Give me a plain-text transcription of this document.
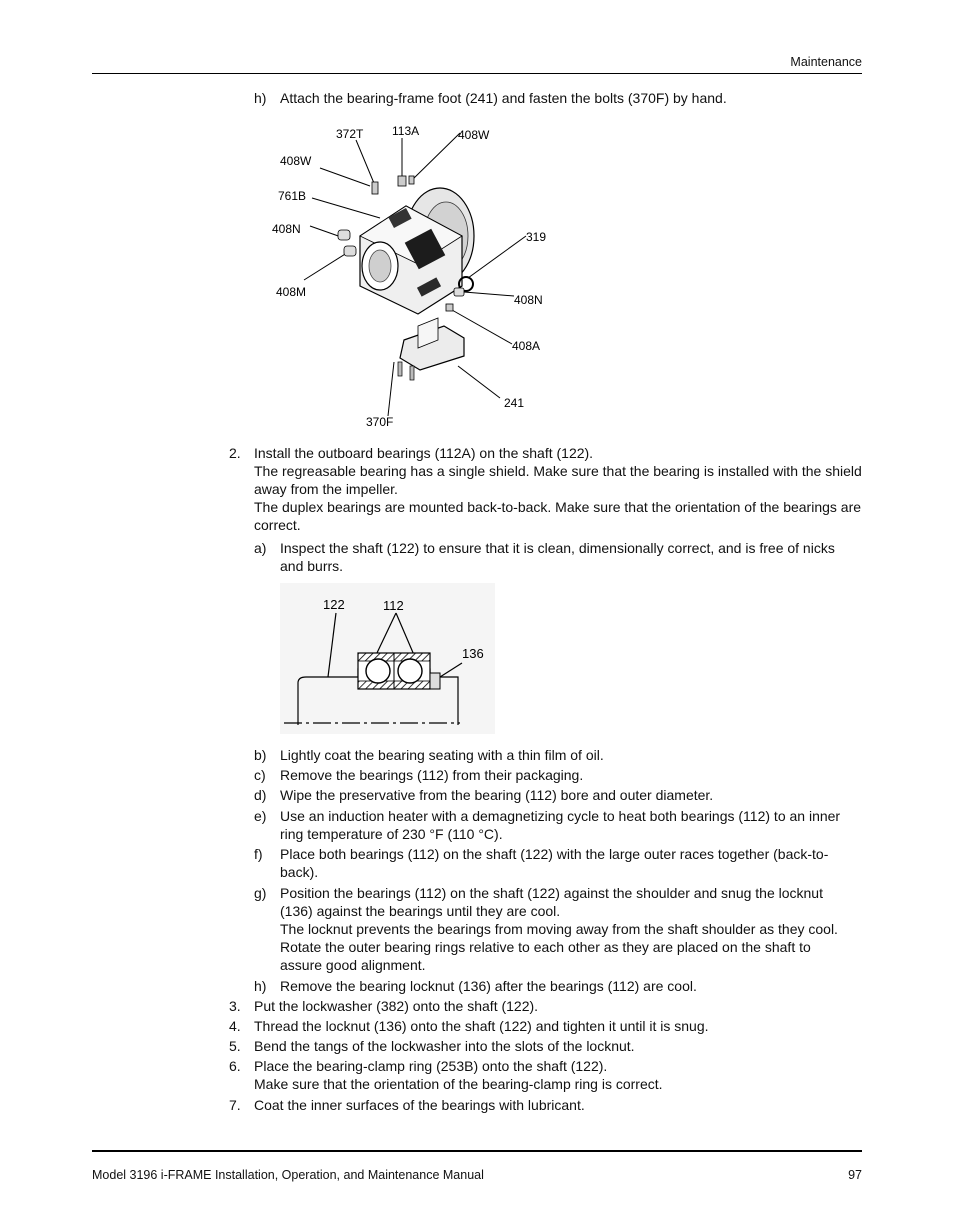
Maintenance
h) Attach the bearing-frame foot (241) and fasten the bolts (370F) by hand.
372T 113A	408W
408W
761B
408N
319
408M
408N
408A
241
370F
2. Install the outboard bearings (112A) on the shaft (122).

The regreasable bearing has a single shield. Make sure that the bearing is installed with the shield away from the impeller.

The duplex bearings are mounted back-to-back. Make sure that the orientation of the bearings are correct.

a) Inspect the shaft (122) to ensure that it is clean, dimensionally correct, and is free of nicks and burrs.
122	112
136
b) Lightly coat the bearing seating with a thin film of oil.
c) Remove the bearings (112) from their packaging.
d) Wipe the preservative from the bearing (112) bore and outer diameter.
e) Use an induction heater with a demagnetizing cycle to heat both bearings (112) to an inner ring temperature of 230 °F (110 °C).
f) Place both bearings (112) on the shaft (122) with the large outer races together (back-to-back).
g) Position the bearings (112) on the shaft (122) against the shoulder and snug the locknut (136) against the bearings until they are cool.

The locknut prevents the bearings from moving away from the shaft shoulder as they cool. Rotate the outer bearing rings relative to each other as they are placed on the shaft to assure good alignment.

h) Remove the bearing locknut (136) after the bearings (112) are cool.
3. Put the lockwasher (382) onto the shaft (122).
4. Thread the locknut (136) onto the shaft (122) and tighten it until it is snug.
5. Bend the tangs of the lockwasher into the slots of the locknut.
6. Place the bearing-clamp ring (253B) onto the shaft (122).

Make sure that the orientation of the bearing-clamp ring is correct.

7. Coat the inner surfaces of the bearings with lubricant.
Model 3196 i-FRAME Installation, Operation, and Maintenance Manual	97
